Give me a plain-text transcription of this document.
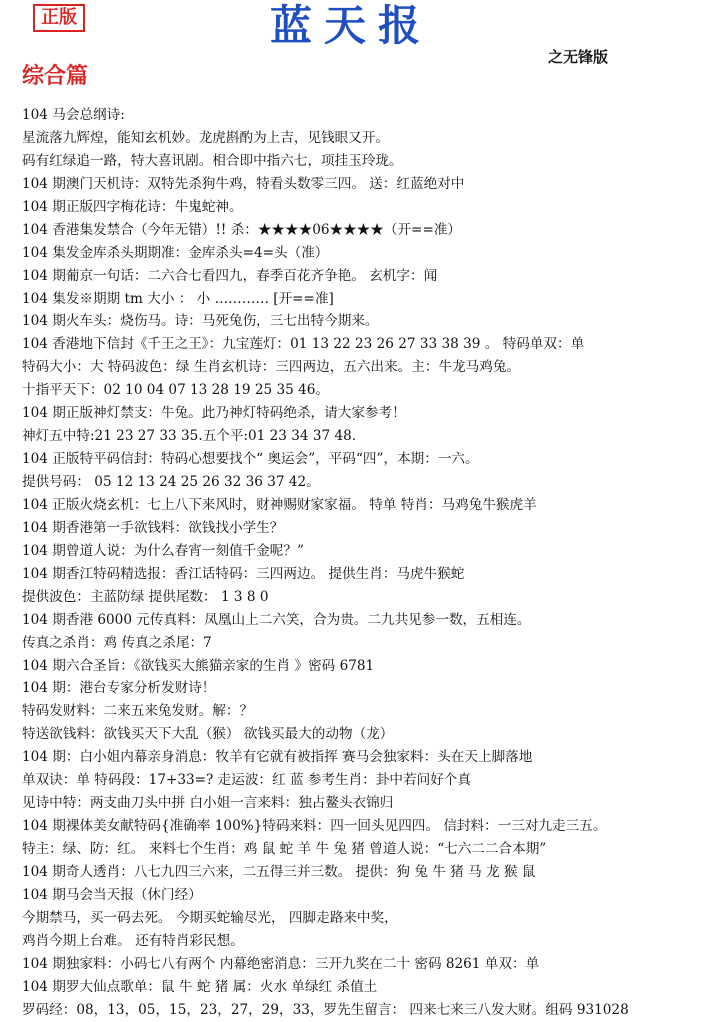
正版	蓝天报
之无锋版
综合篇
104 马会总纲诗:
星流落九辉煌，能知玄机妙。龙虎斟酌为上吉，见钱眼又开。
码有红绿追一路，特大喜讯剧。相合即中指六七，项挂玉玲珑。
104 期澳门天机诗：双特先杀狗牛鸡，特看头数零三四。 送：红蓝绝对中
104 期正版四字梅花诗：牛鬼蛇神。
104 香港集发禁合（今年无错）!! 杀：★★★★06★★★★（开==准）
104 集发金库杀头期期准：金库杀头=4=头（准）
104 期葡京一句话：二六合七看四九，春季百花齐争艳。 玄机字：闻
104 集发※期期 tm 大小 ： 小 ………… [开==准]
104 期火车头：烧伤马。诗：马死兔伤，三七出特今期来。
104 香港地下信封《千王之王》：九宝莲灯：01 13 22 23 26 27 33 38 39 。 特码单双：单
特码大小：大 特码波色：绿 生肖玄机诗：三四两边，五六出来。主：牛龙马鸡兔。
十指平天下：02 10 04 07 13 28 19 25 35 46。
104 期正版神灯禁支：牛兔。此乃神灯特码绝杀，请大家参考！
神灯五中特:21 23 27 33 35.五个平:01 23 34 37 48.
104 正版特平码信封：特码心想要找个“ 奥运会”，平码“四”，本期：一六。
提供号码： 05 12 13 24 25 26 32 36 37 42。
104 正版火烧玄机：七上八下来风时，财神赐财家家福。 特单 特肖：马鸡兔牛猴虎羊
104 期香港第一手欲钱料：欲钱找小学生？
104 期曾道人说：为什么春宵一刻值千金呢？”
104 期香江特码精选报：香江话特码：三四两边。 提供生肖：马虎牛猴蛇
提供波色：主蓝防绿 提供尾数： 1 3 8 0
104 期香港 6000 元传真料：凤凰山上二六笑，合为贵。二九共见参一数，五相连。
传真之杀肖：鸡 传真之杀尾：7
104 期六合圣旨：《欲钱买大熊猫亲家的生肖 》密码 6781
104 期：港台专家分析发财诗！
特码发财料：二来五来兔发财。解：？
特送欲钱料：欲钱买天下大乱（猴） 欲钱买最大的动物（龙）
104 期：白小姐内幕亲身消息：牧羊有它就有被指挥 赛马会独家料：头在天上脚落地
单双诀：单 特码段：17+33=? 走运波：红 蓝 参考生肖：卦中若问好个真
见诗中特：两支曲刀头中拼 白小姐一言来料：独占鳌头衣锦归
104 期裸体美女献特码{准确率 100%}特码来料：四一回头见四四。 信封料：一三对九走三五。
特主：绿、防：红。 来料七个生肖：鸡 鼠 蛇 羊 牛 兔 猪 曾道人说：“七六二二合本期”
104 期奇人透肖：八七九四三六来，二五得三并三数。 提供：狗 兔 牛 猪 马 龙 猴 鼠
104 期马会当天报（休门经）
今期禁马，买一码去死。 今期买蛇输尽光， 四脚走路来中奖，
鸡肖今期上台难。 还有特肖彩民想。
104 期独家料：小码七八有两个 内幕绝密消息：三开九奖在二十 密码 8261 单双：单
104 期罗大仙点歌单：鼠 牛 蛇 猪 属：火水 单绿红 杀值土
罗码经：08，13，05，15，23，27，29，33，罗先生留言： 四来七来三八发大财。组码 931028
